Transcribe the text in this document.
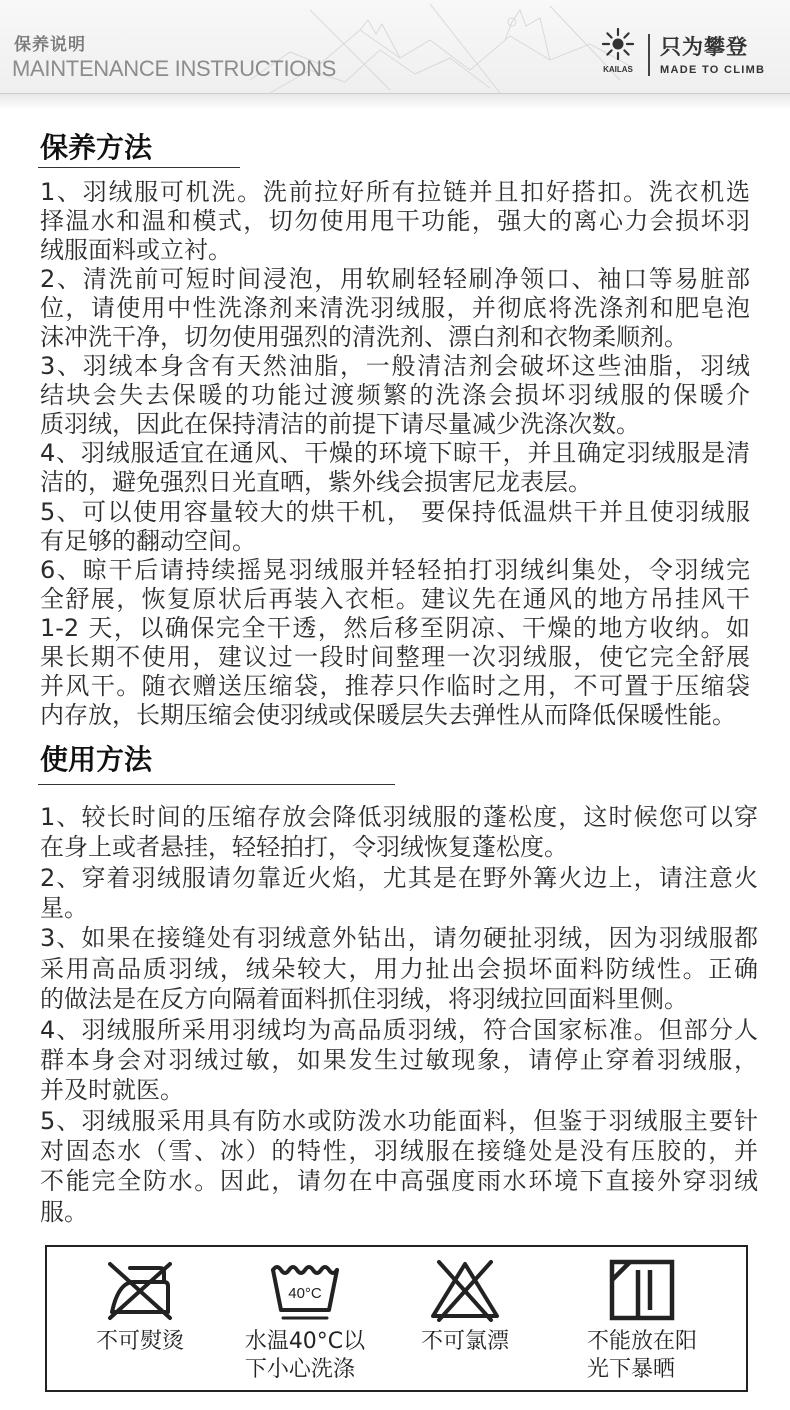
保养说明
MAINTENANCE INSTRUCTIONS	KAILAS
只为攀登
MADE TO CLIMB
保养方法
1、羽绒服可机洗。洗前拉好所有拉链并且扣好搭扣。洗衣机选
择温水和温和模式，切勿使用甩干功能，强大的离心力会损坏羽
绒服面料或立衬。
2、清洗前可短时间浸泡，用软刷轻轻刷净领口、袖口等易脏部
位，请使用中性洗涤剂来清洗羽绒服，并彻底将洗涤剂和肥皂泡
沫冲洗干净，切勿使用强烈的清洗剂、漂白剂和衣物柔顺剂。
3、羽绒本身含有天然油脂，一般清洁剂会破坏这些油脂，羽绒
结块会失去保暖的功能过渡频繁的洗涤会损坏羽绒服的保暖介
质羽绒，因此在保持清洁的前提下请尽量减少洗涤次数。
4、羽绒服适宜在通风、干燥的环境下晾干，并且确定羽绒服是清
洁的，避免强烈日光直晒，紫外线会损害尼龙表层。
5、可以使用容量较大的烘干机， 要保持低温烘干并且使羽绒服
有足够的翻动空间。
6、晾干后请持续摇晃羽绒服并轻轻拍打羽绒纠集处，令羽绒完
全舒展，恢复原状后再装入衣柜。建议先在通风的地方吊挂风干
1-2 天，以确保完全干透，然后移至阴凉、干燥的地方收纳。如
果长期不使用，建议过一段时间整理一次羽绒服，使它完全舒展
并风干。随衣赠送压缩袋，推荐只作临时之用，不可置于压缩袋
内存放，长期压缩会使羽绒或保暖层失去弹性从而降低保暖性能。
使用方法
1、较长时间的压缩存放会降低羽绒服的蓬松度，这时候您可以穿
在身上或者悬挂，轻轻拍打，令羽绒恢复蓬松度。
2、穿着羽绒服请勿靠近火焰，尤其是在野外篝火边上，请注意火
星。
3、如果在接缝处有羽绒意外钻出，请勿硬扯羽绒，因为羽绒服都
采用高品质羽绒，绒朵较大，用力扯出会损坏面料防绒性。正确
的做法是在反方向隔着面料抓住羽绒，将羽绒拉回面料里侧。
4、羽绒服所采用羽绒均为高品质羽绒，符合国家标准。但部分人
群本身会对羽绒过敏，如果发生过敏现象，请停止穿着羽绒服，
并及时就医。
5、羽绒服采用具有防水或防泼水功能面料，但鉴于羽绒服主要针
对固态水（雪、冰）的特性，羽绒服在接缝处是没有压胶的，并
不能完全防水。因此，请勿在中高强度雨水环境下直接外穿羽绒
服。
不可熨烫
40°C
水温40°C以
下小心洗涤
不可氯漂	不能放在阳
光下暴晒
